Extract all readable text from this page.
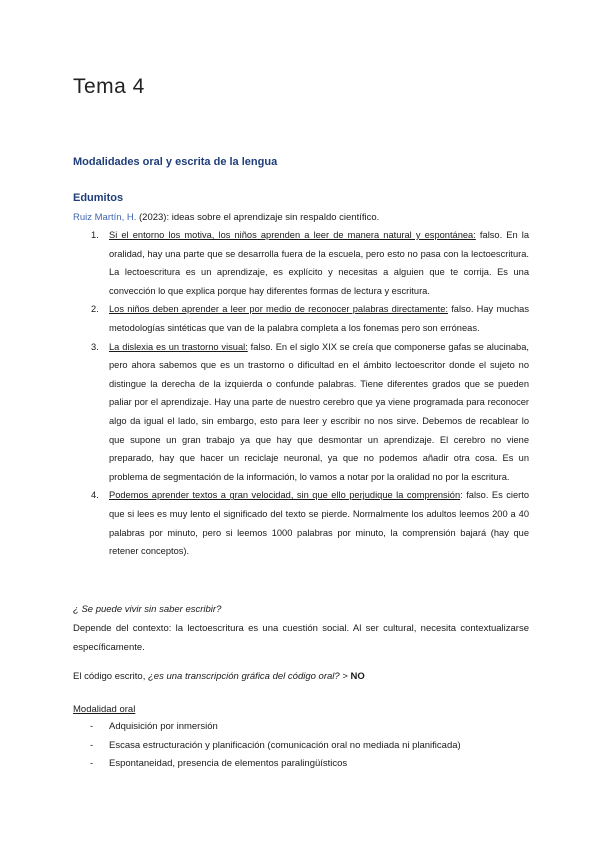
Tema 4
Modalidades oral y escrita de la lengua
Edumitos
Ruiz Martín, H. (2023): ideas sobre el aprendizaje sin respaldo científico.
1. Si el entorno los motiva, los niños aprenden a leer de manera natural y espontánea: falso. En la oralidad, hay una parte que se desarrolla fuera de la escuela, pero esto no pasa con la lectoescritura. La lectoescritura es un aprendizaje, es explícito y necesitas a alguien que te corrija. Es una convección lo que explica porque hay diferentes formas de lectura y escritura.
2. Los niños deben aprender a leer por medio de reconocer palabras directamente: falso. Hay muchas metodologías sintéticas que van de la palabra completa a los fonemas pero son erróneas.
3. La dislexia es un trastorno visual: falso. En el siglo XIX se creía que componerse gafas se alucinaba, pero ahora sabemos que es un trastorno o dificultad en el ámbito lectoescritor donde el sujeto no distingue la derecha de la izquierda o confunde palabras. Tiene diferentes grados que se pueden paliar por el aprendizaje. Hay una parte de nuestro cerebro que ya viene programada para reconocer algo da igual el lado, sin embargo, esto para leer y escribir no nos sirve. Debemos de recablear lo que supone un gran trabajo ya que hay que desmontar un aprendizaje. El cerebro no viene preparado, hay que hacer un reciclaje neuronal, ya que no podemos añadir otra cosa. Es un problema de segmentación de la información, lo vamos a notar por la oralidad no por la escritura.
4. Podemos aprender textos a gran velocidad, sin que ello perjudique la comprensión: falso. Es cierto que si lees es muy lento el significado del texto se pierde. Normalmente los adultos leemos 200 a 40 palabras por minuto, pero si leemos 1000 palabras por minuto, la comprensión bajará (hay que retener conceptos).
¿ Se puede vivir sin saber escribir?
Depende del contexto: la lectoescritura es una cuestión social. Al ser cultural, necesita contextualizarse específicamente.
El código escrito, ¿es una transcripción gráfica del código oral? > NO
Modalidad oral
- Adquisición por inmersión
- Escasa estructuración y planificación (comunicación oral no mediada ni planificada)
- Espontaneidad, presencia de elementos paralingüísticos
